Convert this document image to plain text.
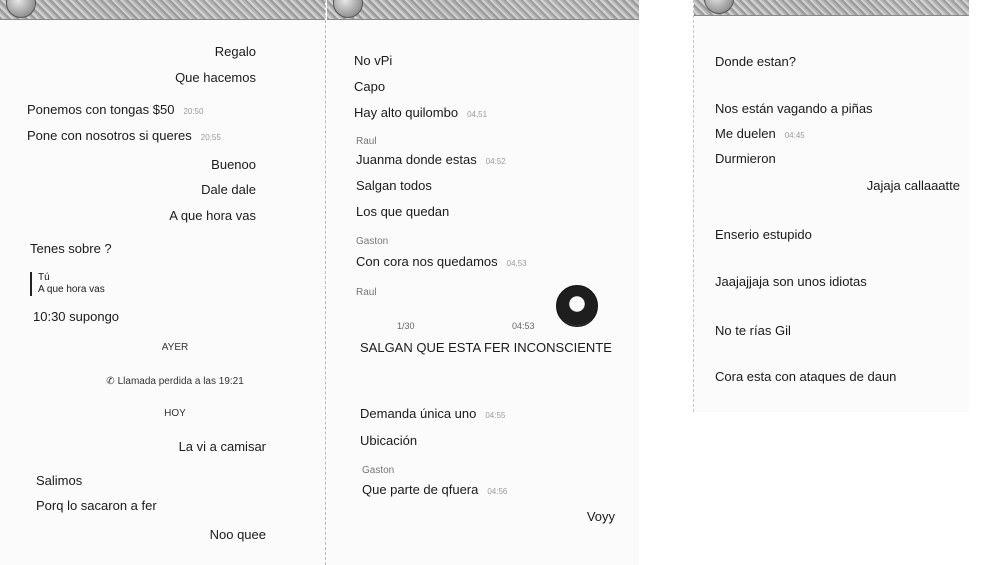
Regalo
Que hacemos
Ponemos con tongas $50 20:50
Pone con nosotros si queres 20:55
Buenoo
Dale dale
A que hora vas
Tenes sobre ?
Tú
A que hora vas
10:30 supongo
AYER
✆ Llamada perdida a las 19:21
HOY
La vi a camisar
Salimos
Porq lo sacaron a fer
Noo quee
No vPi
Capo
Hay alto quilombo 04,51
Raul
Juanma donde estas 04:52
Salgan todos
Los que quedan
Gaston
Con cora nos quedamos 04,53
Raul
1/30	04:53
SALGAN QUE ESTA FER INCONSCIENTE
Demanda única uno 04:55
Ubicación
Gaston
Que parte de qfuera 04:56
Voyy
Donde estan?
Nos están vagando a piñas
Me duelen 04:45
Durmieron
Jajaja callaaatte
Enserio estupido
Jaajajjaja son unos idiotas
No te rías Gil
Cora esta con ataques de daun
